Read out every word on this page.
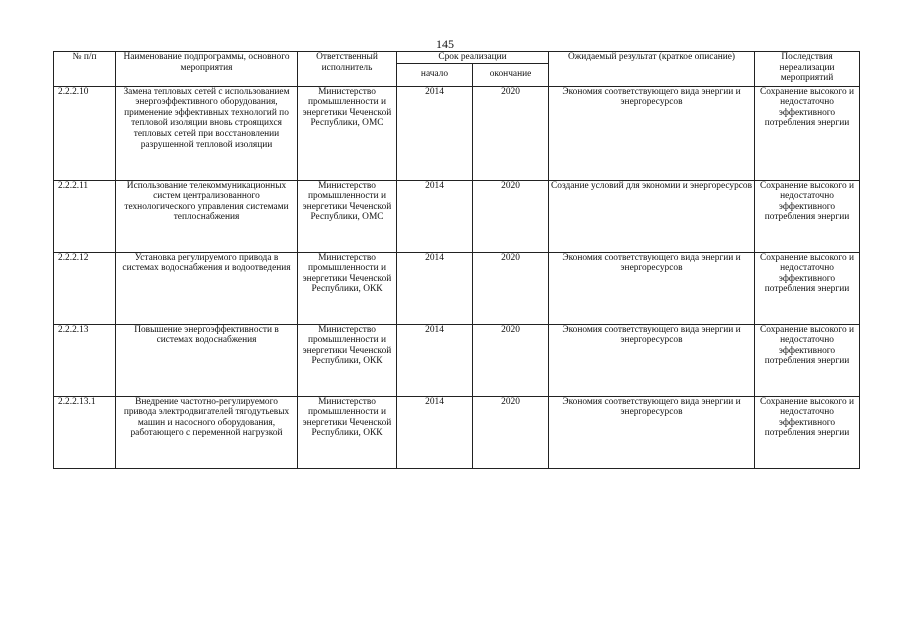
145
№ п/п	Наименование подпрограммы, основного мероприятия	Ответственный исполнитель	Срок реализации		Ожидаемый результат (краткое описание)	Последствия нереализации мероприятий
			начало	окончание		
2.2.2.10	Замена тепловых сетей с использованием энергоэффективного оборудования, применение эффективных технологий по тепловой изоляции вновь строящихся тепловых сетей при восстановлении разрушенной тепловой изоляции	Министерство промышленности и энергетики Чеченской Республики, ОМС	2014	2020	Экономия соответствующего вида энергии и энергоресурсов	Сохранение высокого и недостаточно эффективного потребления энергии
2.2.2.11	Использование телекоммуникационных систем централизованного технологического управления системами теплоснабжения	Министерство промышленности и энергетики Чеченской Республики, ОМС	2014	2020	Создание условий для экономии и энергоресурсов	Сохранение высокого и недостаточно эффективного потребления энергии
2.2.2.12	Установка регулируемого привода в системах водоснабжения и водоотведения	Министерство промышленности и энергетики Чеченской Республики, ОКК	2014	2020	Экономия соответствующего вида энергии и энергоресурсов	Сохранение высокого и недостаточно эффективного потребления энергии
2.2.2.13	Повышение энергоэффективности в системах водоснабжения	Министерство промышленности и энергетики Чеченской Республики, ОКК	2014	2020	Экономия соответствующего вида энергии и энергоресурсов	Сохранение высокого и недостаточно эффективного потребления энергии
2.2.2.13.1	Внедрение частотно-регулируемого привода электродвигателей тягодутьевых машин и насосного оборудования, работающего с переменной нагрузкой	Министерство промышленности и энергетики Чеченской Республики, ОКК	2014	2020	Экономия соответствующего вида энергии и энергоресурсов	Сохранение высокого и недостаточно эффективного потребления энергии
